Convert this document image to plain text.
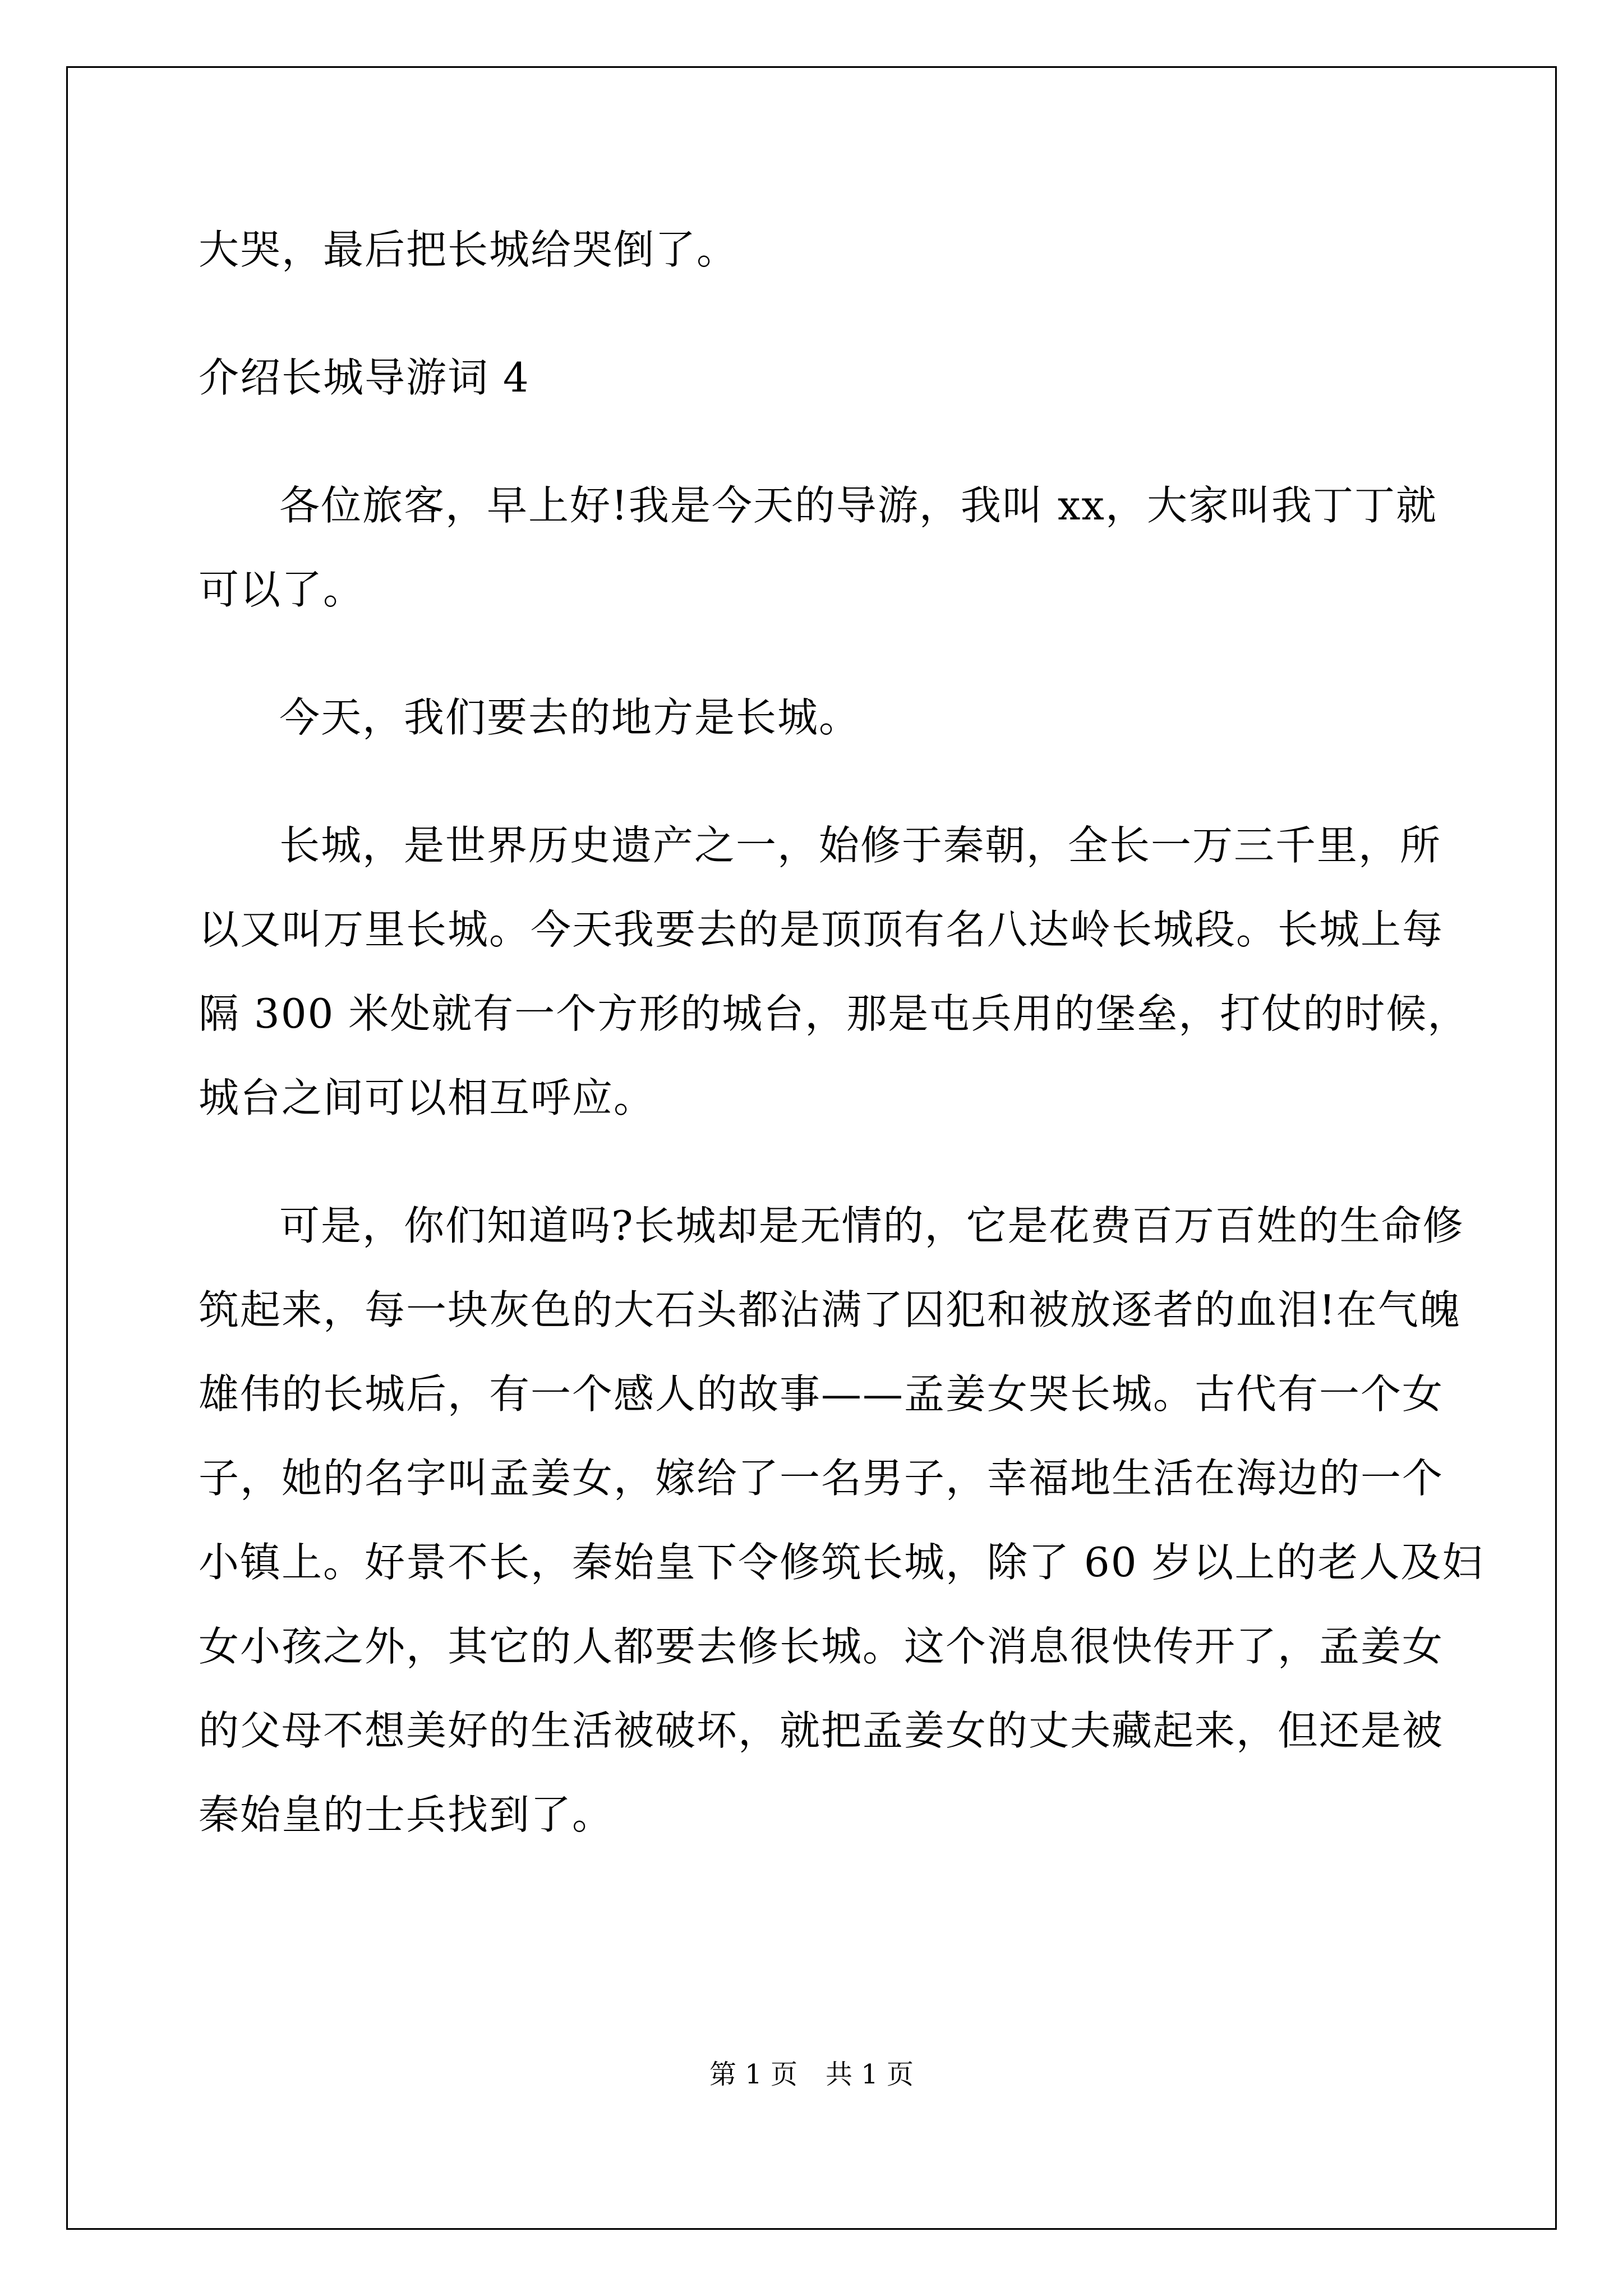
大哭，最后把长城给哭倒了。
介绍长城导游词 4
各位旅客，早上好!我是今天的导游，我叫 xx，大家叫我丁丁就
可以了。
今天，我们要去的地方是长城。
长城，是世界历史遗产之一，始修于秦朝，全长一万三千里，所
以又叫万里长城。今天我要去的是顶顶有名八达岭长城段。长城上每
隔 300 米处就有一个方形的城台，那是屯兵用的堡垒，打仗的时候，
城台之间可以相互呼应。
可是，你们知道吗?长城却是无情的，它是花费百万百姓的生命修
筑起来，每一块灰色的大石头都沾满了囚犯和被放逐者的血泪!在气魄
雄伟的长城后，有一个感人的故事——孟姜女哭长城。古代有一个女
子，她的名字叫孟姜女，嫁给了一名男子，幸福地生活在海边的一个
小镇上。好景不长，秦始皇下令修筑长城，除了 60 岁以上的老人及妇
女小孩之外，其它的人都要去修长城。这个消息很快传开了，孟姜女
的父母不想美好的生活被破坏，就把孟姜女的丈夫藏起来，但还是被
秦始皇的士兵找到了。
第 1 页 共 1 页
